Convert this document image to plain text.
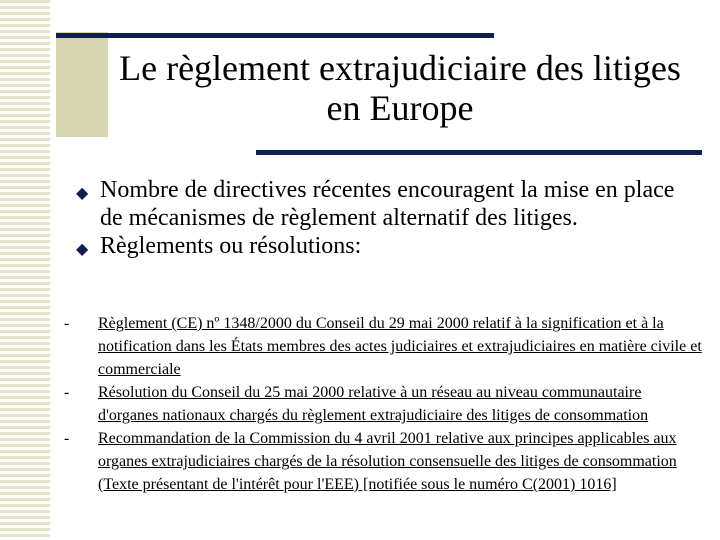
Le règlement extrajudiciaire des litiges en Europe
◆ Nombre de directives récentes encouragent la mise en place de mécanismes de règlement alternatif des litiges.
◆ Règlements ou résolutions:
- Règlement (CE) nº 1348/2000 du Conseil du 29 mai 2000 relatif à la signification et à la notification dans les États membres des actes judiciaires et extrajudiciaires en matière civile et commerciale
- Résolution du Conseil du 25 mai 2000 relative à un réseau au niveau communautaire d'organes nationaux chargés du règlement extrajudiciaire des litiges de consommation
- Recommandation de la Commission du 4 avril 2001 relative aux principes applicables aux organes extrajudiciaires chargés de la résolution consensuelle des litiges de consommation (Texte présentant de l'intérêt pour l'EEE) [notifiée sous le numéro C(2001) 1016]
